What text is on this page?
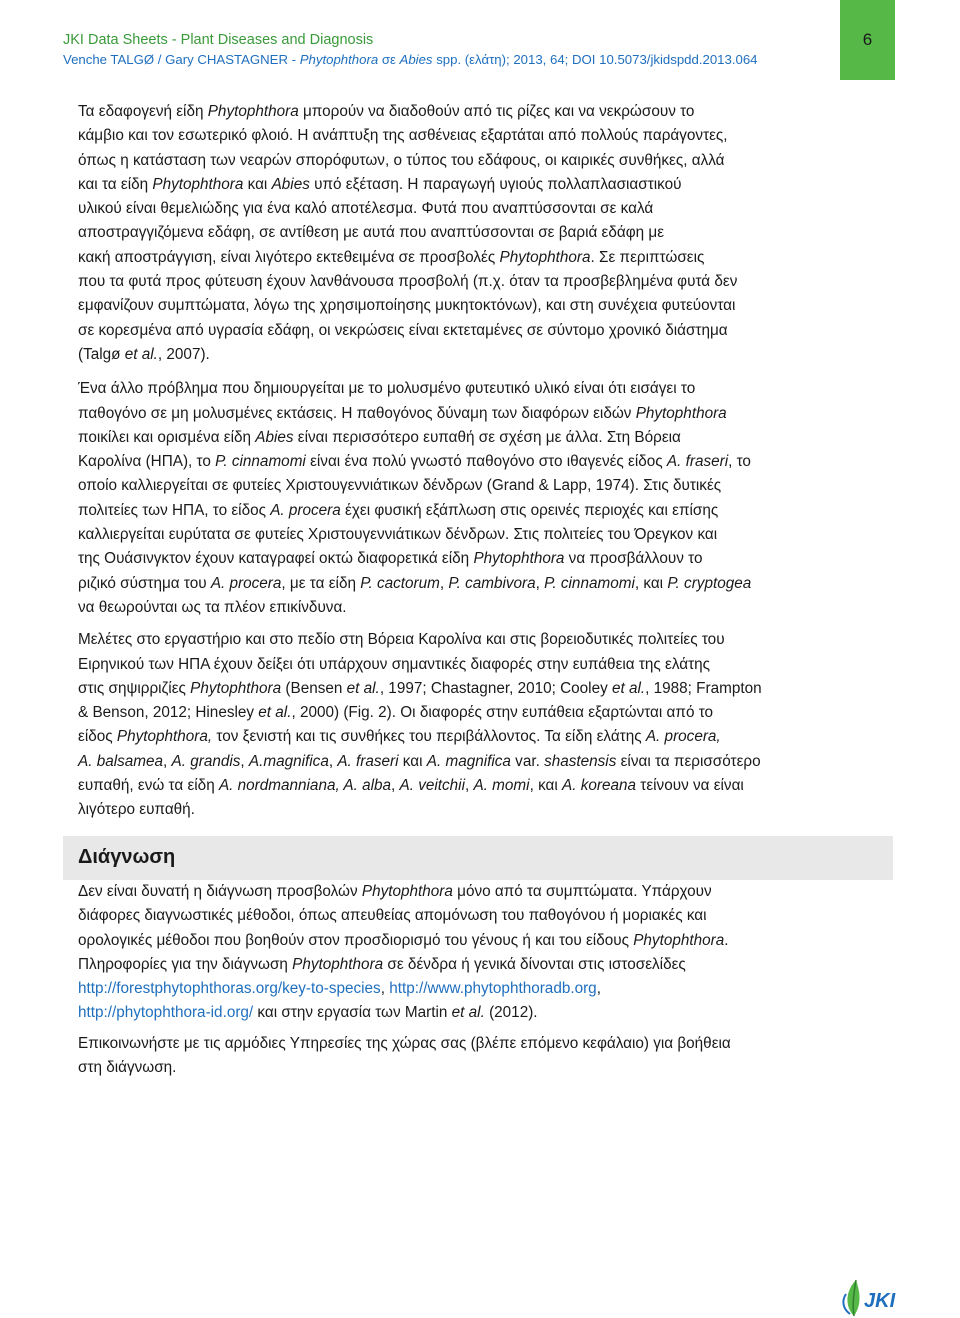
JKI Data Sheets - Plant Diseases and Diagnosis
Venche TALGØ / Gary CHASTAGNER - Phytophthora σε Abies spp. (ελάτη); 2013, 64; DOI 10.5073/jkidspdd.2013.064
6
Τα εδαφογενή είδη Phytophthora μπορούν να διαδοθούν από τις ρίζες και να νεκρώσουν το
κάμβιο και τον εσωτερικό φλοιό. Η ανάπτυξη της ασθένειας εξαρτάται από πολλούς παράγοντες,
όπως η κατάσταση των νεαρών σπορόφυτων, ο τύπος του εδάφους, οι καιρικές συνθήκες, αλλά
και τα είδη Phytophthora και Abies υπό εξέταση. Η παραγωγή υγιούς πολλαπλασιαστικού
υλικού είναι θεμελιώδης για ένα καλό αποτέλεσμα. Φυτά που αναπτύσσονται σε καλά
αποστραγγιζόμενα εδάφη, σε αντίθεση με αυτά που αναπτύσσονται σε βαριά εδάφη με
κακή αποστράγγιση, είναι λιγότερο εκτεθειμένα σε προσβολές Phytophthora. Σε περιπτώσεις
που τα φυτά προς φύτευση έχουν λανθάνουσα προσβολή (π.χ. όταν τα προσβεβλημένα φυτά δεν
εμφανίζουν συμπτώματα, λόγω της χρησιμοποίησης μυκητοκτόνων), και στη συνέχεια φυτεύονται
σε κορεσμένα από υγρασία εδάφη, οι νεκρώσεις είναι εκτεταμένες σε σύντομο χρονικό διάστημα
(Talgø et al., 2007).
Ένα άλλο πρόβλημα που δημιουργείται με το μολυσμένο φυτευτικό υλικό είναι ότι εισάγει το
παθογόνο σε μη μολυσμένες εκτάσεις. Η παθογόνος δύναμη των διαφόρων ειδών Phytophthora
ποικίλει και ορισμένα είδη Abies είναι περισσότερο ευπαθή σε σχέση με άλλα. Στη Βόρεια
Καρολίνα (ΗΠΑ), το P. cinnamomi είναι ένα πολύ γνωστό παθογόνο στο ιθαγενές είδος A. fraseri, το
οποίο καλλιεργείται σε φυτείες Χριστουγεννιάτικων δένδρων (Grand & Lapp, 1974). Στις δυτικές
πολιτείες των ΗΠΑ, το είδος A. procera έχει φυσική εξάπλωση στις ορεινές περιοχές και επίσης
καλλιεργείται ευρύτατα σε φυτείες Χριστουγεννιάτικων δένδρων. Στις πολιτείες του Όρεγκον και
της Ουάσινγκτον έχουν καταγραφεί οκτώ διαφορετικά είδη Phytophthora να προσβάλλουν το
ριζικό σύστημα του A. procera, με τα είδη P. cactorum, P. cambivora, P. cinnamomi, και P. cryptogea
να θεωρούνται ως τα πλέον επικίνδυνα.
Μελέτες στο εργαστήριο και στο πεδίο στη Βόρεια Καρολίνα και στις βορειοδυτικές πολιτείες του
Ειρηνικού των ΗΠΑ έχουν δείξει ότι υπάρχουν σημαντικές διαφορές στην ευπάθεια της ελάτης
στις σηψιρριζίες Phytophthora (Bensen et al., 1997; Chastagner, 2010; Cooley et al., 1988; Frampton
& Benson, 2012; Hinesley et al., 2000) (Fig. 2). Οι διαφορές στην ευπάθεια εξαρτώνται από το
είδος Phytophthora, τον ξενιστή και τις συνθήκες του περιβάλλοντος. Τα είδη ελάτης A. procera,
A. balsamea, A. grandis, A.magnifica, A. fraseri και A. magnifica var. shastensis είναι τα περισσότερο
ευπαθή, ενώ τα είδη A. nordmanniana, A. alba, A. veitchii, A. momi, και A. koreana τείνουν να είναι
λιγότερο ευπαθή.
Διάγνωση
Δεν είναι δυνατή η διάγνωση προσβολών Phytophthora μόνο από τα συμπτώματα. Υπάρχουν
διάφορες διαγνωστικές μέθοδοι, όπως απευθείας απομόνωση του παθογόνου ή μοριακές και
ορολογικές μέθοδοι που βοηθούν στον προσδιορισμό του γένους ή και του είδους Phytophthora.
Πληροφορίες για την διάγνωση Phytophthora σε δένδρα ή γενικά δίνονται στις ιστοσελίδες
http://forestphytophthoras.org/key-to-species, http://www.phytophthoradb.org,
http://phytophthora-id.org/ και στην εργασία των Martin et al. (2012).
Επικοινωνήστε με τις αρμόδιες Υπηρεσίες της χώρας σας (βλέπε επόμενο κεφάλαιο) για βοήθεια
στη διάγνωση.
JKI
